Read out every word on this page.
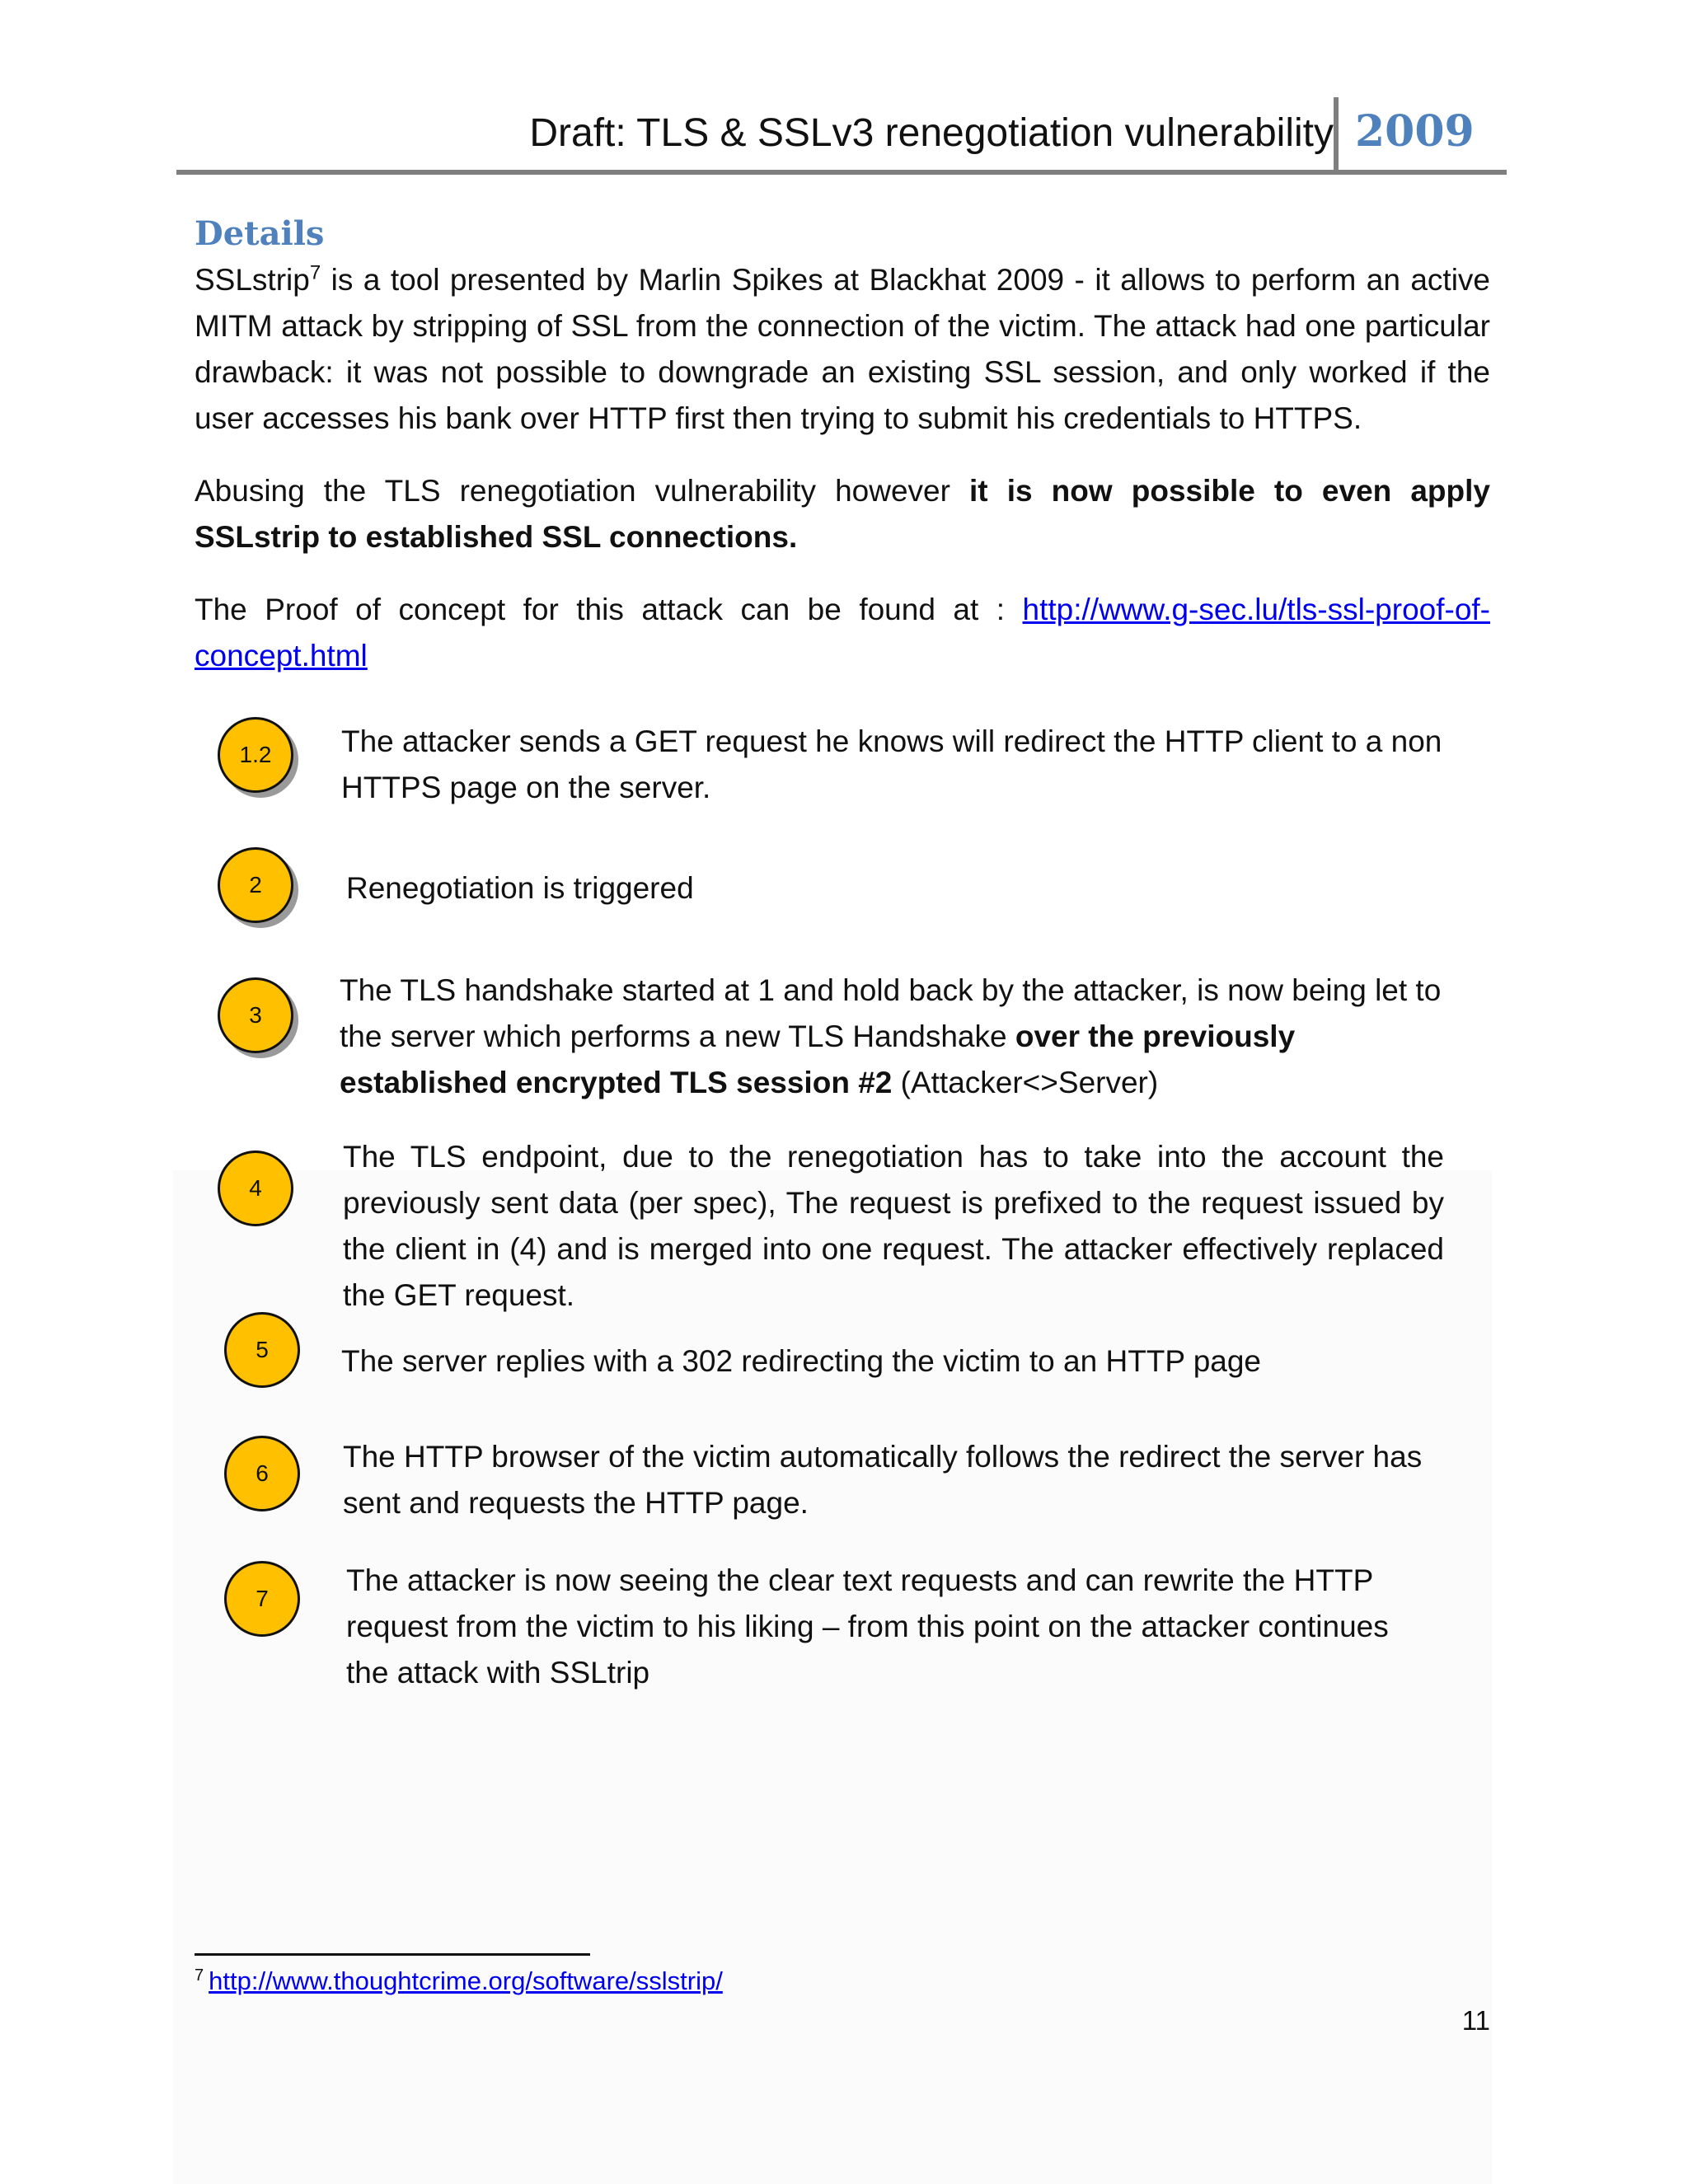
Draft: TLS & SSLv3 renegotiation vulnerability 2009
Details
SSLstrip$^7$ is a tool presented by Marlin Spikes at Blackhat 2009 - it allows to perform an active MITM attack by stripping of SSL from the connection of the victim. The attack had one particular drawback: it was not possible to downgrade an existing SSL session, and only worked if the user accesses his bank over HTTP first then trying to submit his credentials to HTTPS.
Abusing the TLS renegotiation vulnerability however it is now possible to even apply SSLstrip to established SSL connections.
The Proof of concept for this attack can be found at : http://www.g-sec.lu/tls-ssl-proof-of-concept.html
1.2	The attacker sends a GET request he knows will redirect the HTTP client to a non HTTPS page on the server.
2	Renegotiation is triggered
3
The TLS handshake started at 1 and hold back by the attacker, is now being let to the server which performs a new TLS Handshake over the previously established encrypted TLS session #2 (Attacker<>Server)
4
The TLS endpoint, due to the renegotiation has to take into the account the previously sent data (per spec), The request is prefixed to the request issued by the client in (4) and is merged into one request. The attacker effectively replaced the GET request.
5	The server replies with a 302 redirecting the victim to an HTTP page
6	The HTTP browser of the victim automatically follows the redirect the server has sent and requests the HTTP page.
7
The attacker is now seeing the clear text requests and can rewrite the HTTP request from the victim to his liking – from this point on the attacker continues the attack with SSLtrip
$^7$ http://www.thoughtcrime.org/software/sslstrip/
11
